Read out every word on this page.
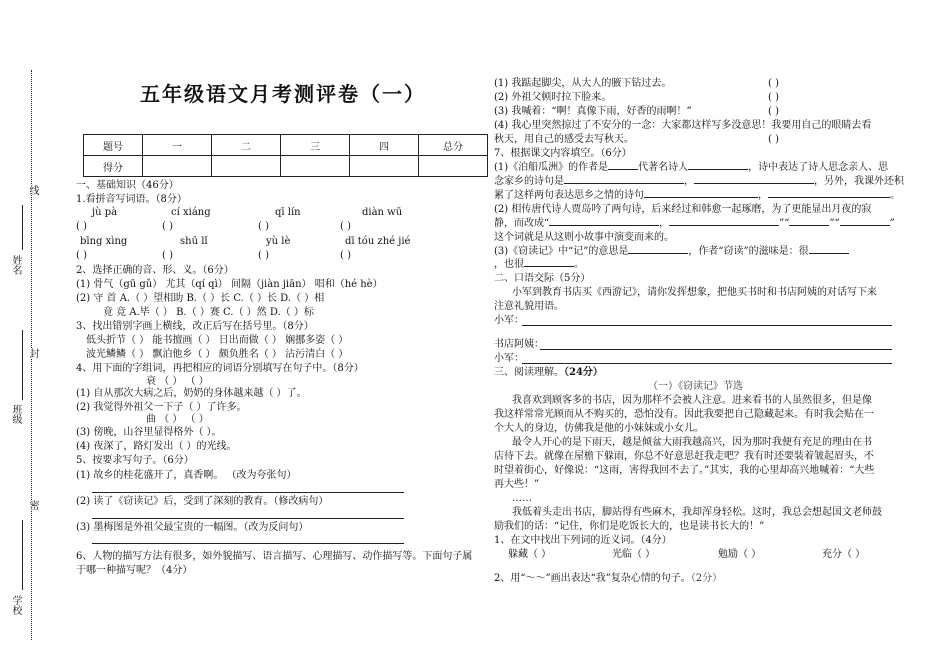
姓名
班级
学校
线
封
密
五年级语文月考测评卷（一）
题号	一	二	三	四	总分
得分					
一、基础知识（46分）
1.看拼音写词语。（8分）
jù pà	cí xiáng	qī lín	diàn wū
( )	( )	( )	( )
bīng xìng	shū lǐ	yù lè	dī tóu zhé jié
( )	( )	( )	( )
2、选择正确的音、形、义。（6分）
(1) 骨气（gū gǔ） 尤其（qí qì） 间隔（jiàn jiān） 唱和（hé hè）
(2) 守 首 A.（ ）望相助 B.（ ）长 C.（ ）长 D.（ ）相
竟 竞 A.毕（ ） B.（ ）赛 C.（ ）然 D.（ ）标
3、找出错别字画上横线，改正后写在括号里。（8分）
低头折节（ ） 能书擅画（ ） 日出而做（ ） 娴挪多姿（ ）
波光鳞鳞（ ） 飘泊他乡（ ） 颇负胜名（ ） 沾污清白（ ）
4、用下面的字组词，再把相应的词语分别填写在句子中。（8分）
衰 （ ） （ ）
(1) 自从那次大病之后，奶奶的身体越来越（ ）了。
(2) 我觉得外祖父一下子（ ）了许多。
曲 （ ） （ ）
(3) 傍晚，山谷里显得格外（ ）。
(4) 夜深了，路灯发出（ ）的光线。
5、按要求写句子。（6分）
(1) 故乡的桂花盛开了，真香啊。 （改为夸张句）
(2) 读了《窃读记》后，受到了深刻的教育。（修改病句）
(3) 墨梅图是外祖父最宝贵的一幅图。（改为反问句）
6、人物的描写方法有很多，如外貌描写、语言描写、心理描写、动作描写等。下面句子属
于哪一种描写呢？（4分）
(1) 我踮起脚尖，从大人的腋下钻过去。	( )
(2) 外祖父顿时拉下脸来。	( )
(3) 我喊着：“啊！真像下雨，好香的雨啊！”	( )
(4) 我心里突然掠过了不安分的一念：大家都这样写多没意思！我要用自己的眼睛去看
秋天，用自己的感受去写秋天。	( )
7、根据课文内容填空。（6分）
(1)《泊船瓜洲》的作者是	代著名诗人	，诗中表达了诗人思念亲人、思
念家乡的诗句是	，	，另外，我课外还积
累了这样两句表达思乡之情的诗句	，	。
(2) 相传唐代诗人贾岛吟了两句诗，后来经过和韩愈一起琢磨，为了更能显出月夜的寂
静，而改成“	，	”“	”“	”
这个词就是从这则小故事中演变而来的。
(3)《窃读记》中“记”的意思是	，作者“窃读”的滋味是：很
，也很	。
二、口语交际（5分）
小军到教育书店买《西游记》，请你发挥想象，把他买书时和书店阿姨的对话写下来
注意礼貌用语。
小军：
书店阿姨：
小军：
三、阅读理解。（24分）
（一）《窃读记》节选
我喜欢到顾客多的书店，因为那样不会被人注意。进来看书的人虽然很多，但是像
我这样常常光顾而从不购买的，恐怕没有。因此我要把自己隐藏起来。有时我会贴在一
个大人的身边，仿佛我是他的小妹妹或小女儿。
最令人开心的是下雨天，越是倾盆大雨我越高兴，因为那时我便有充足的理由在书
店待下去。就像在屋檐下躲雨，你总不好意思赶我走吧？我有时还要装着皱起眉头，不
时望着街心，好像说：“这雨，害得我回不去了。”其实，我的心里却高兴地喊着：“大些
再大些！”
……
我低着头走出书店，脚站得有些麻木，我却浑身轻松。这时，我总会想起国文老师鼓
励我们的话：“记住，你们是吃饭长大的，也是读书长大的！”
1、在文中找出下列词的近义词。（4分）
躲藏（ ）	光临（ ）	勉励（ ）	充分（ ）
2、用“～～”画出表达“我”复杂心情的句子。（2分）
